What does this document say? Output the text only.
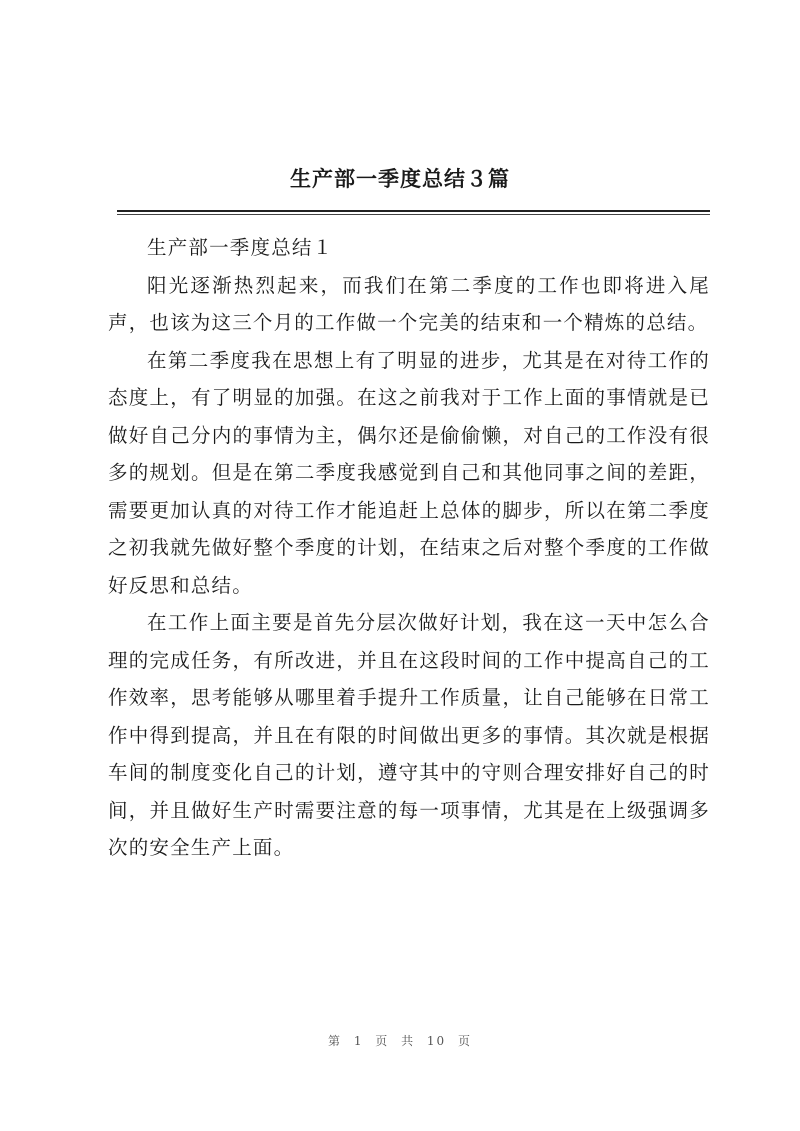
生产部一季度总结３篇

生产部一季度总结１

阳光逐渐热烈起来，而我们在第二季度的工作也即将进入尾声，也该为这三个月的工作做一个完美的结束和一个精炼的总结。

在第二季度我在思想上有了明显的进步，尤其是在对待工作的态度上，有了明显的加强。在这之前我对于工作上面的事情就是已做好自己分内的事情为主，偶尔还是偷偷懒，对自己的工作没有很多的规划。但是在第二季度我感觉到自己和其他同事之间的差距，需要更加认真的对待工作才能追赶上总体的脚步，所以在第二季度之初我就先做好整个季度的计划，在结束之后对整个季度的工作做好反思和总结。

在工作上面主要是首先分层次做好计划，我在这一天中怎么合理的完成任务，有所改进，并且在这段时间的工作中提高自己的工作效率，思考能够从哪里着手提升工作质量，让自己能够在日常工作中得到提高，并且在有限的时间做出更多的事情。其次就是根据车间的制度变化自己的计划，遵守其中的守则合理安排好自己的时间，并且做好生产时需要注意的每一项事情，尤其是在上级强调多次的安全生产上面。

第 1 页 共 10 页
